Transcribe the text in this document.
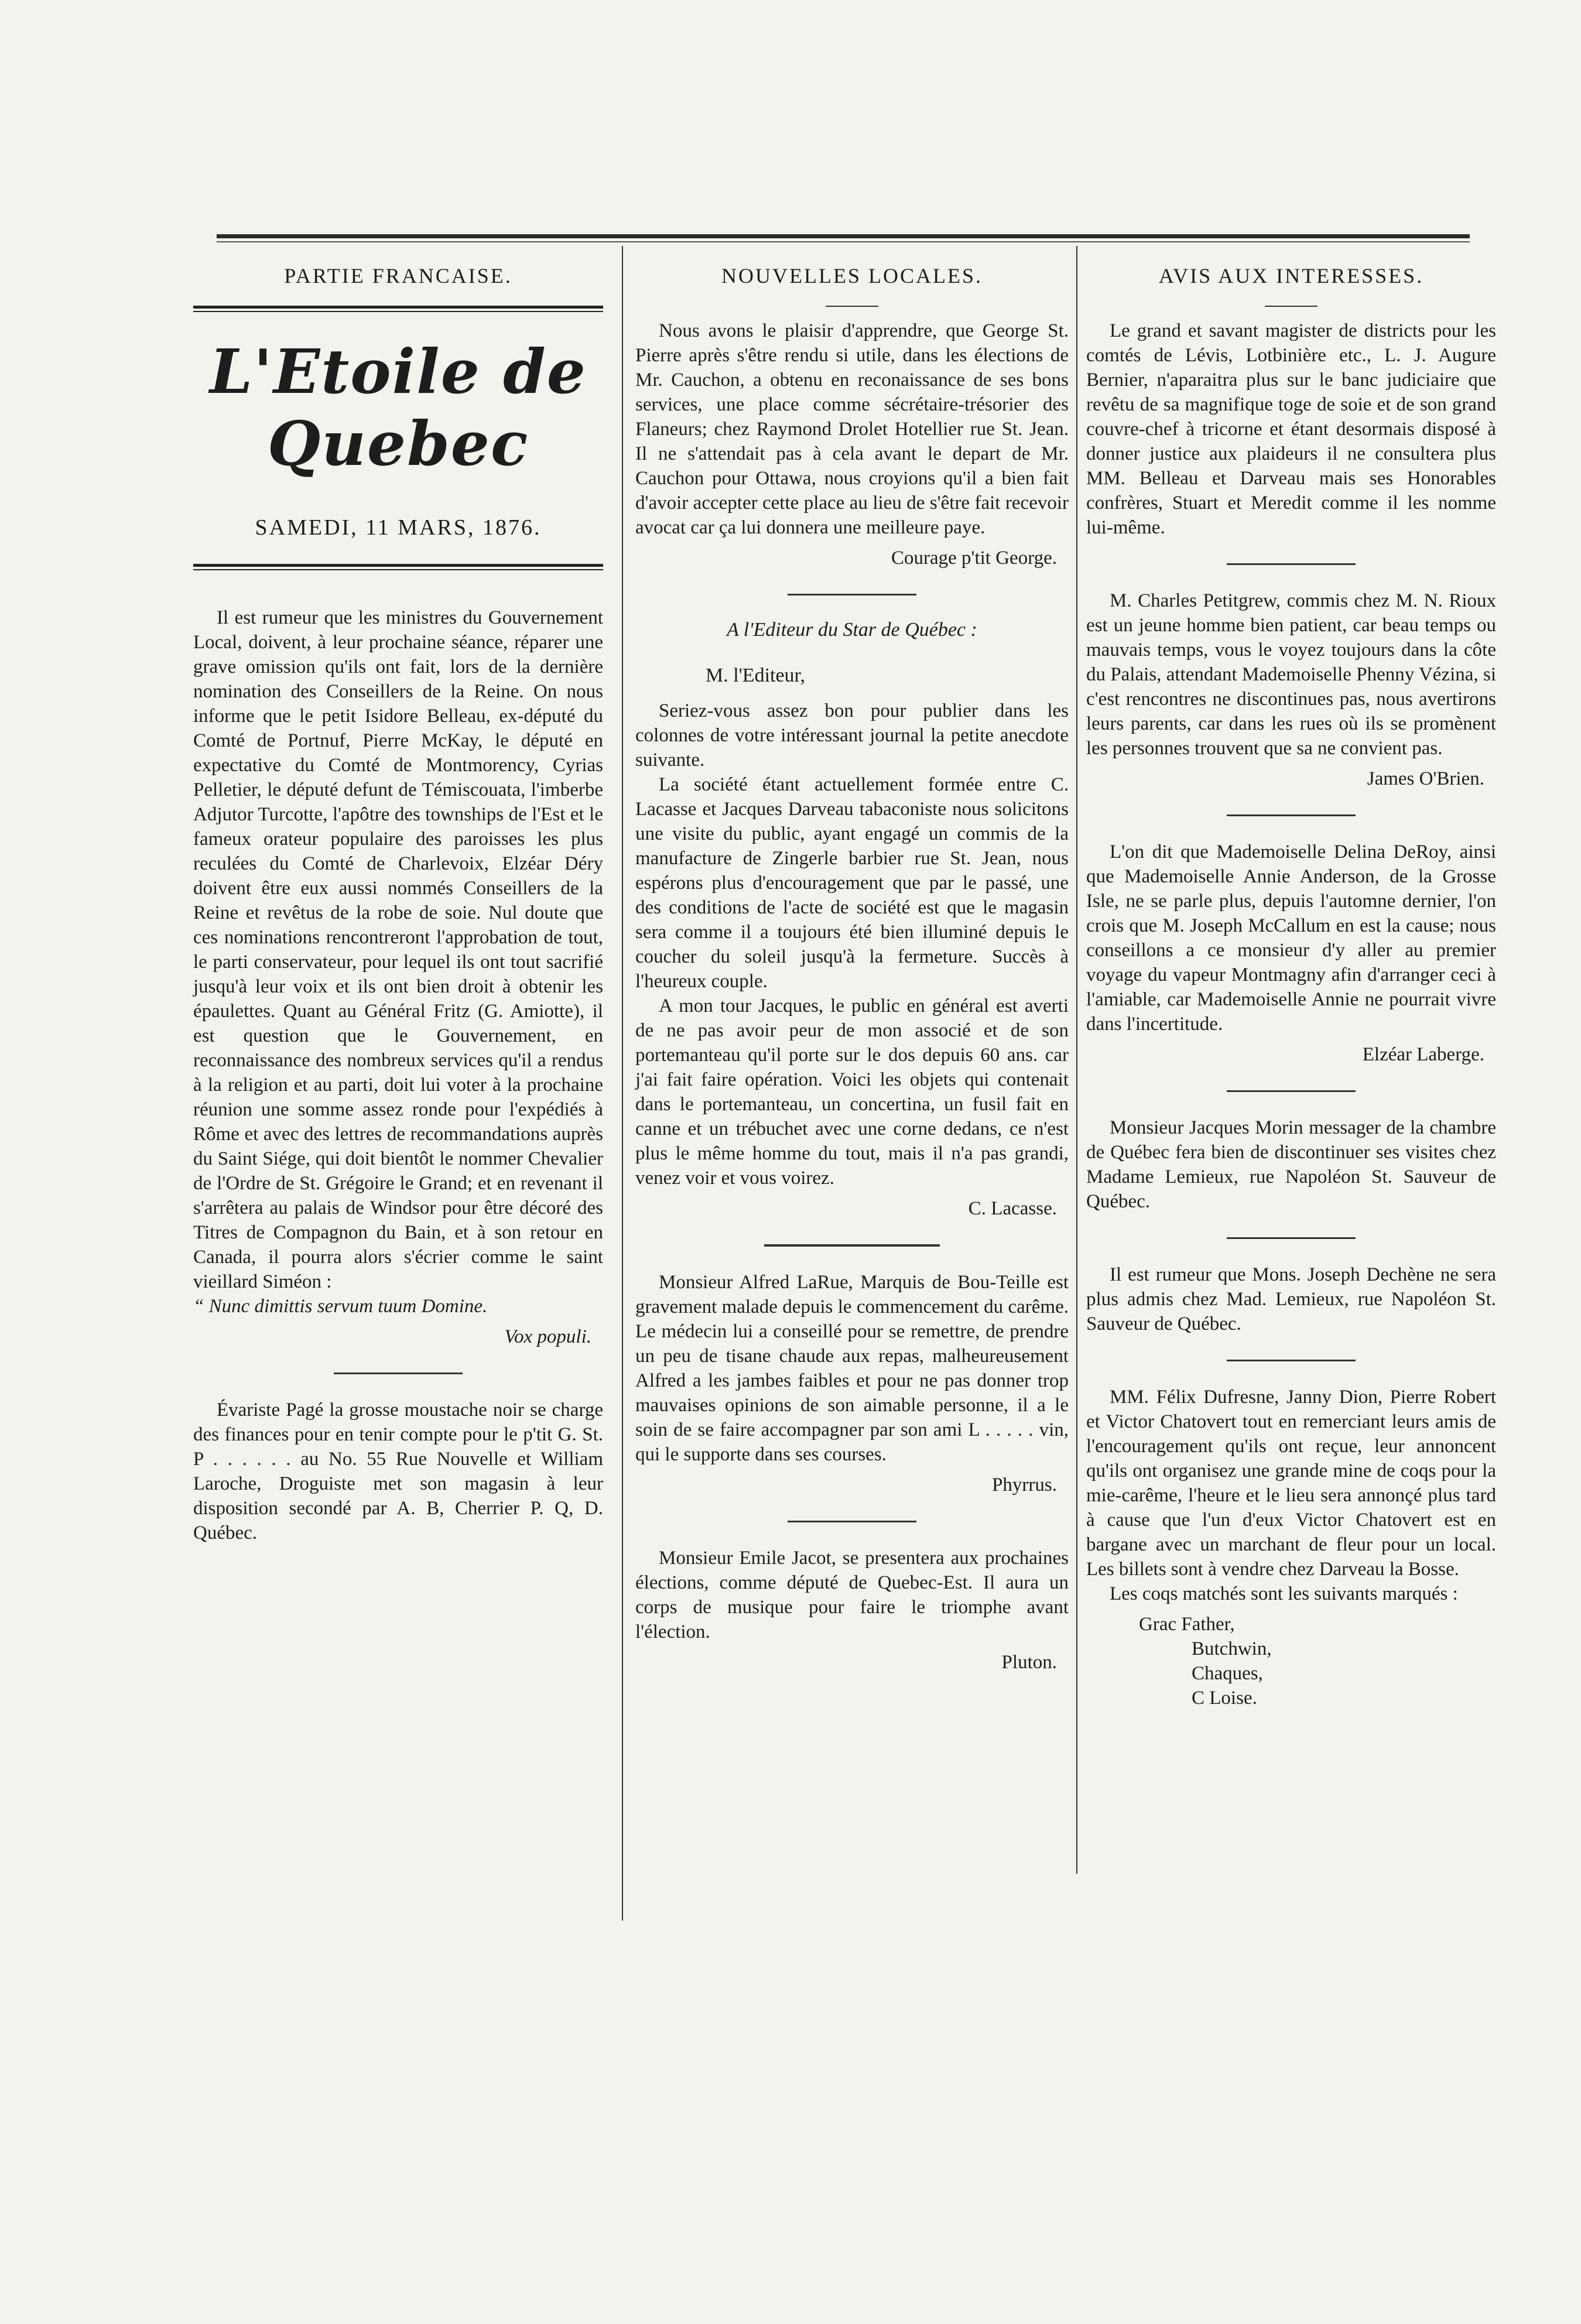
PARTIE FRANCAISE.
L'Etoile de Quebec
SAMEDI, 11 MARS, 1876.

Il est rumeur que les ministres du Gouvernement Local, doivent, à leur prochaine séance, réparer une grave omission qu'ils ont fait, lors de la dernière nomination des Conseillers de la Reine. On nous informe que le petit Isidore Belleau, ex-député du Comté de Portnuf, Pierre McKay, le député en expectative du Comté de Montmorency, Cyrias Pelletier, le député defunt de Témiscouata, l'imberbe Adjutor Turcotte, l'apôtre des townships de l'Est et le fameux orateur populaire des paroisses les plus reculées du Comté de Charlevoix, Elzéar Déry doivent être eux aussi nommés Conseillers de la Reine et revêtus de la robe de soie. Nul doute que ces nominations rencontreront l'approbation de tout, le parti conservateur, pour lequel ils ont tout sacrifié jusqu'à leur voix et ils ont bien droit à obtenir les épaulettes. Quant au Général Fritz (G. Amiotte), il est question que le Gouvernement, en reconnaissance des nombreux services qu'il a rendus à la religion et au parti, doit lui voter à la prochaine réunion une somme assez ronde pour l'expédiés à Rôme et avec des lettres de recommandations auprès du Saint Siége, qui doit bientôt le nommer Chevalier de l'Ordre de St. Grégoire le Grand; et en revenant il s'arrêtera au palais de Windsor pour être décoré des Titres de Compagnon du Bain, et à son retour en Canada, il pourra alors s'écrier comme le saint vieillard Siméon :

“ Nunc dimittis servum tuum Domine.

Vox populi.

Évariste Pagé la grosse moustache noir se charge des finances pour en tenir compte pour le p'tit G. St. P . . . . . . au No. 55 Rue Nouvelle et William Laroche, Droguiste met son magasin à leur disposition secondé par A. B, Cherrier P. Q, D. Québec.

NOUVELLES LOCALES.

Nous avons le plaisir d'apprendre, que George St. Pierre après s'être rendu si utile, dans les élections de Mr. Cauchon, a obtenu en reconaissance de ses bons services, une place comme sécrétaire-trésorier des Flaneurs; chez Raymond Drolet Hotellier rue St. Jean. Il ne s'attendait pas à cela avant le depart de Mr. Cauchon pour Ottawa, nous croyions qu'il a bien fait d'avoir accepter cette place au lieu de s'être fait recevoir avocat car ça lui donnera une meilleure paye.

Courage p'tit George.
A l'Editeur du Star de Québec :
M. l'Editeur,

Seriez-vous assez bon pour publier dans les colonnes de votre intéressant journal la petite anecdote suivante.

La société étant actuellement formée entre C. Lacasse et Jacques Darveau tabaconiste nous solicitons une visite du public, ayant engagé un commis de la manufacture de Zingerle barbier rue St. Jean, nous espérons plus d'encouragement que par le passé, une des conditions de l'acte de société est que le magasin sera comme il a toujours été bien illuminé depuis le coucher du soleil jusqu'à la fermeture. Succès à l'heureux couple.

A mon tour Jacques, le public en général est averti de ne pas avoir peur de mon associé et de son portemanteau qu'il porte sur le dos depuis 60 ans. car j'ai fait faire opération. Voici les objets qui contenait dans le portemanteau, un concertina, un fusil fait en canne et un trébuchet avec une corne dedans, ce n'est plus le même homme du tout, mais il n'a pas grandi, venez voir et vous voirez.

C. Lacasse.

Monsieur Alfred LaRue, Marquis de Bou-Teille est gravement malade depuis le commencement du carême. Le médecin lui a conseillé pour se remettre, de prendre un peu de tisane chaude aux repas, malheureusement Alfred a les jambes faibles et pour ne pas donner trop mauvaises opinions de son aimable personne, il a le soin de se faire accompagner par son ami L . . . . . vin, qui le supporte dans ses courses.

Phyrrus.

Monsieur Emile Jacot, se presentera aux prochaines élections, comme député de Quebec-Est. Il aura un corps de musique pour faire le triomphe avant l'élection.

Pluton.
AVIS AUX INTERESSES.

Le grand et savant magister de districts pour les comtés de Lévis, Lotbinière etc., L. J. Augure Bernier, n'aparaitra plus sur le banc judiciaire que revêtu de sa magnifique toge de soie et de son grand couvre-chef à tricorne et étant desormais disposé à donner justice aux plaideurs il ne consultera plus MM. Belleau et Darveau mais ses Honorables confrères, Stuart et Meredit comme il les nomme lui-même.

M. Charles Petitgrew, commis chez M. N. Rioux est un jeune homme bien patient, car beau temps ou mauvais temps, vous le voyez toujours dans la côte du Palais, attendant Mademoiselle Phenny Vézina, si c'est rencontres ne discontinues pas, nous avertirons leurs parents, car dans les rues où ils se promènent les personnes trouvent que sa ne convient pas.

James O'Brien.

L'on dit que Mademoiselle Delina DeRoy, ainsi que Mademoiselle Annie Anderson, de la Grosse Isle, ne se parle plus, depuis l'automne dernier, l'on crois que M. Joseph McCallum en est la cause; nous conseillons a ce monsieur d'y aller au premier voyage du vapeur Montmagny afin d'arranger ceci à l'amiable, car Mademoiselle Annie ne pourrait vivre dans l'incertitude.

Elzéar Laberge.

Monsieur Jacques Morin messager de la chambre de Québec fera bien de discontinuer ses visites chez Madame Lemieux, rue Napoléon St. Sauveur de Québec.

Il est rumeur que Mons. Joseph Dechène ne sera plus admis chez Mad. Lemieux, rue Napoléon St. Sauveur de Québec.

MM. Félix Dufresne, Janny Dion, Pierre Robert et Victor Chatovert tout en remerciant leurs amis de l'encouragement qu'ils ont reçue, leur annoncent qu'ils ont organisez une grande mine de coqs pour la mie-carême, l'heure et le lieu sera annonçé plus tard à cause que l'un d'eux Victor Chatovert est en bargane avec un marchant de fleur pour un local. Les billets sont à vendre chez Darveau la Bosse.

Les coqs matchés sont les suivants marqués :

Grac Father,
Butchwin,
Chaques,
C Loise.
